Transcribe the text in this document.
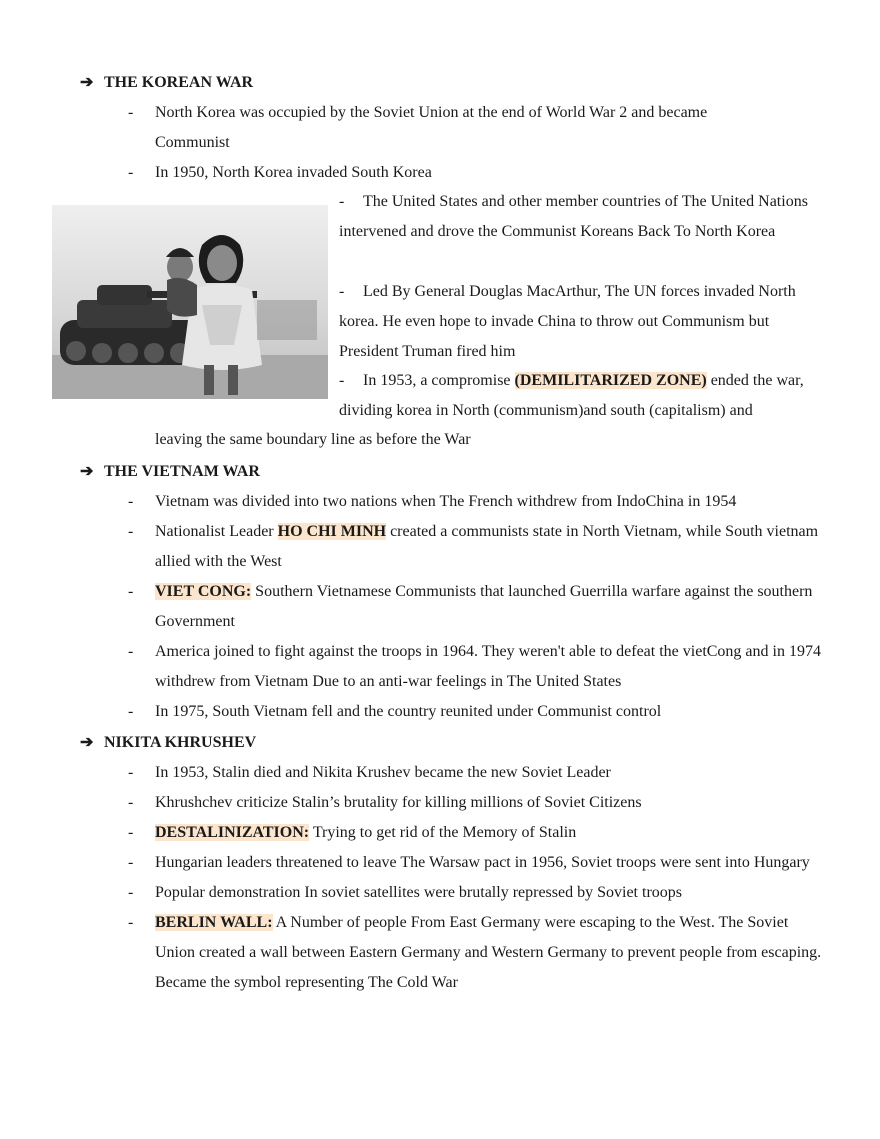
➔ THE KOREAN WAR
- North Korea was occupied by the Soviet Union at the end of World War 2 and became Communist
- In 1950, North Korea invaded South Korea
- The United States and other member countries of The United Nations intervened and drove the Communist Koreans Back To North Korea
- Led By General Douglas MacArthur, The UN forces invaded North korea. He even hope to invade China to throw out Communism but President Truman fired him
- In 1953, a compromise (DEMILITARIZED ZONE) ended the war, dividing korea in North (communism)and south (capitalism) and
leaving the same boundary line as before the War
➔ THE VIETNAM WAR
- Vietnam was divided into two nations when The French withdrew from IndoChina in 1954
- Nationalist Leader HO CHI MINH created a communists state in North Vietnam, while South vietnam allied with the West
- VIET CONG: Southern Vietnamese Communists that launched Guerrilla warfare against the southern Government
- America joined to fight against the troops in 1964. They weren't able to defeat the vietCong and in 1974 withdrew from Vietnam Due to an anti-war feelings in The United States
- In 1975, South Vietnam fell and the country reunited under Communist control
➔ NIKITA KHRUSHEV
- In 1953, Stalin died and Nikita Krushev became the new Soviet Leader
- Khrushchev criticize Stalin’s brutality for killing millions of Soviet Citizens
- DESTALINIZATION: Trying to get rid of the Memory of Stalin
- Hungarian leaders threatened to leave The Warsaw pact in 1956, Soviet troops were sent into Hungary
- Popular demonstration In soviet satellites were brutally repressed by Soviet troops
- BERLIN WALL: A Number of people From East Germany were escaping to the West. The Soviet Union created a wall between Eastern Germany and Western Germany to prevent people from escaping. Became the symbol representing The Cold War
